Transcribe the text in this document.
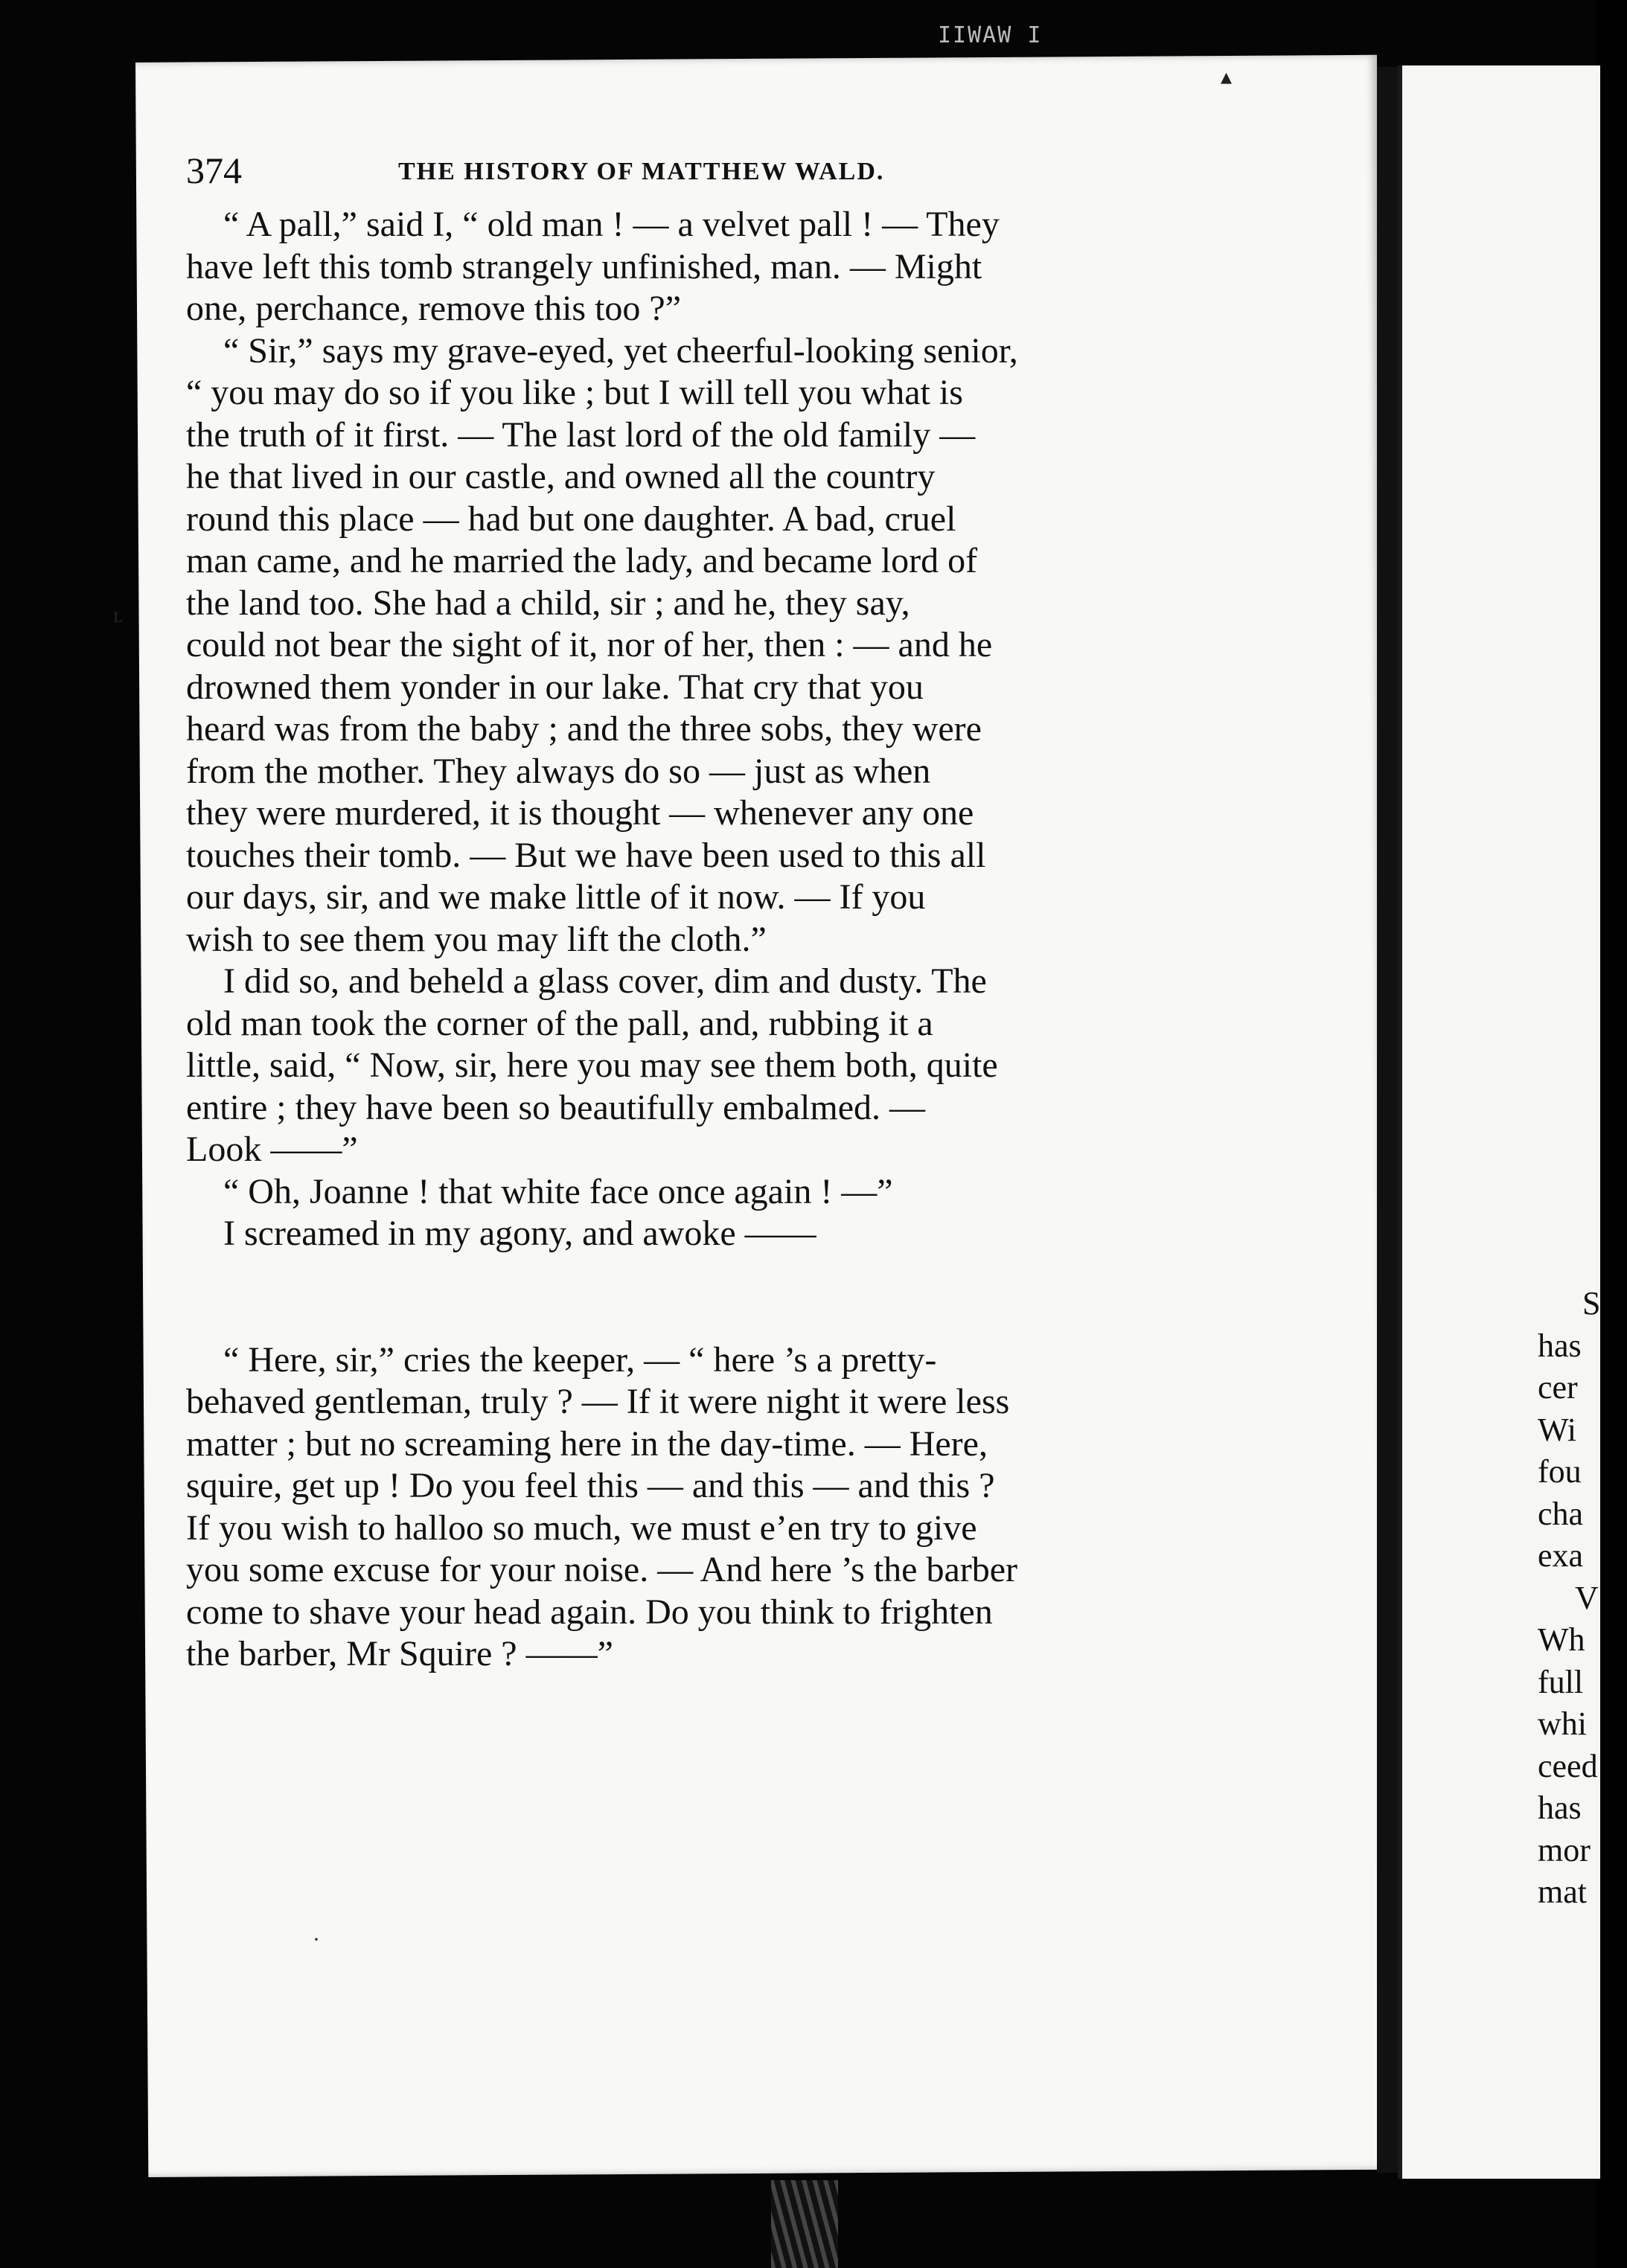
IIWAW I
374	THE HISTORY OF MATTHEW WALD.
“ A pall,” said I, “ old man ! — a velvet pall ! — They
have left this tomb strangely unfinished, man. — Might
one, perchance, remove this too ?”
“ Sir,” says my grave-eyed, yet cheerful-looking senior,
“ you may do so if you like ; but I will tell you what is
the truth of it first. — The last lord of the old family —
he that lived in our castle, and owned all the country
round this place — had but one daughter. A bad, cruel
man came, and he married the lady, and became lord of
the land too. She had a child, sir ; and he, they say,
could not bear the sight of it, nor of her, then : — and he
drowned them yonder in our lake. That cry that you
heard was from the baby ; and the three sobs, they were
from the mother. They always do so — just as when
they were murdered, it is thought — whenever any one
touches their tomb. — But we have been used to this all
our days, sir, and we make little of it now. — If you
wish to see them you may lift the cloth.”
I did so, and beheld a glass cover, dim and dusty. The
old man took the corner of the pall, and, rubbing it a
little, said, “ Now, sir, here you may see them both, quite
entire ; they have been so beautifully embalmed. —
Look ——”
“ Oh, Joanne ! that white face once again ! —”
I screamed in my agony, and awoke ——
“ Here, sir,” cries the keeper, — “ here ’s a pretty-
behaved gentleman, truly ? — If it were night it were less
matter ; but no screaming here in the day-time. — Here,
squire, get up ! Do you feel this — and this — and this ?
If you wish to halloo so much, we must e’en try to give
you some excuse for your noise. — And here ’s the barber
come to shave your head again. Do you think to frighten
the barber, Mr Squire ? ——”
S
has
cer
Wi
fou
cha
exa
V
Wh
full
whi
ceed
has
mor
mat
ʟ
▴
·
